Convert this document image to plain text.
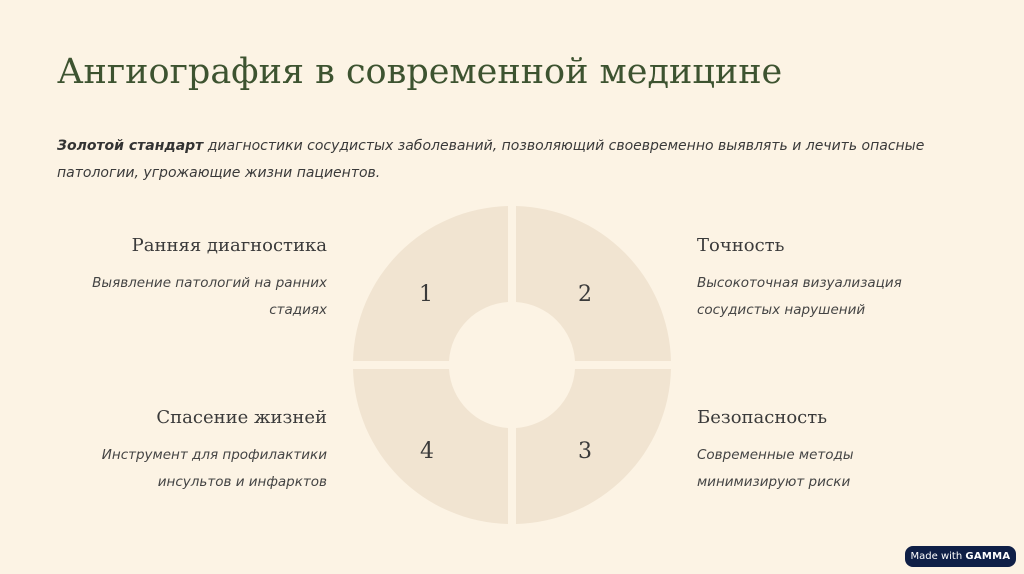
Ангиография в современной медицине

Золотой стандарт диагностики сосудистых заболеваний, позволяющий своевременно выявлять и лечить опасные патологии, угрожающие жизни пациентов.

Ранняя диагностика

Выявление патологий на ранних
стадиях

Точность

Высокоточная визуализация
сосудистых нарушений

Спасение жизней

Инструмент для профилактики
инсультов и инфарктов

Безопасность

Современные методы
минимизируют риски

1	2
3
4
Made with GAMMA
